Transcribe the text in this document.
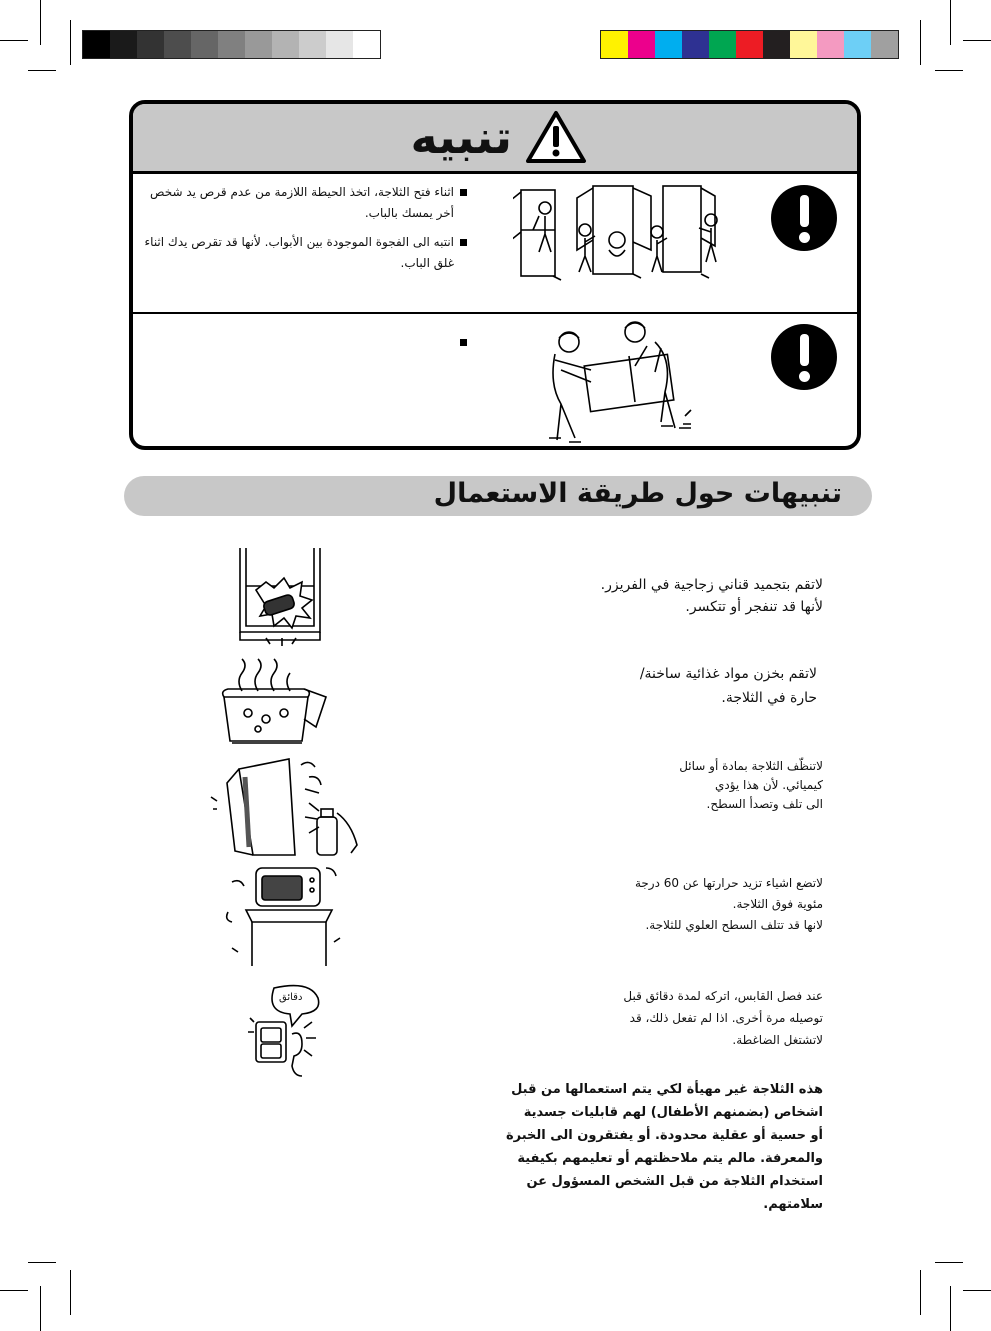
تنبيه
اثناء فتح الثلاجة، اتخذ الحيطة اللازمة من عدم قرص يد شخص
أخر يمسك بالباب.
انتبه الى الفجوة الموجودة بين الأبواب. لأنها قد تقرص يدك اثناء
غلق الباب.
تنبيهات حول طريقة الاستعمال

لاتقم بتجميد قناني زجاجية في الفريزر.

لأنها قد تنفجر أو تتكسر.

لاتقم بخزن مواد غذائية ساخنة/

حارة في الثلاجة.

لاتنظّف الثلاجة بمادة أو سائل

كيميائي. لأن هذا يؤدي

الى تلف وتصدأ السطح.

لاتضع اشياء تزيد حرارتها عن 60 درجة

مئوية فوق الثلاجة.

لانها قد تتلف السطح العلوي للثلاجة.

عند فصل القابس، اتركه لمدة دقائق قبل

توصيله مرة أخرى. اذا لم تفعل ذلك، قد

لاتشتغل الضاغطة.

دقائق

هذه الثلاجة غير مهيأة لكي يتم استعمالها من قبل

اشخاص (بضمنهم الأطفال) لهم قابليات جسدية

أو حسية أو عقلية محدودة. أو يفتقرون الى الخبرة

والمعرفة. مالم يتم ملاحظتهم أو تعليمهم بكيفية

استخدام الثلاجة من قبل الشخص المسؤول عن

سلامتهم.
